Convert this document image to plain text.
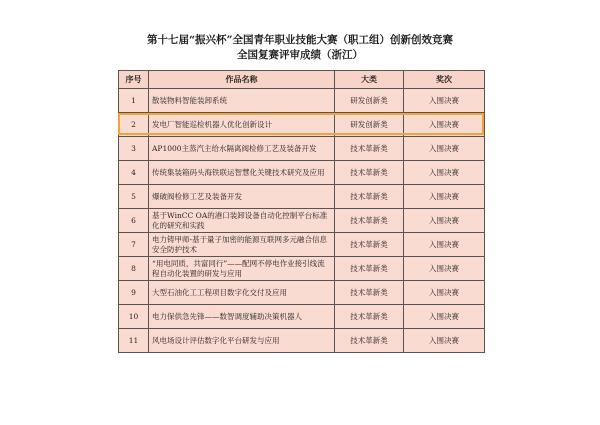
第十七届“振兴杯”全国青年职业技能大赛（职工组）创新创效竞赛
全国复赛评审成绩（浙江）
序号	作品名称	大类	奖次
1	散装物料智能装卸系统	研发创新类	入围决赛
2	发电厂智能巡检机器人优化创新设计	研发创新类	入围决赛
3	AP1000主蒸汽主给水隔离阀检修工艺及装备开发	技术革新类	入围决赛
4	传统集装箱码头海铁联运智慧化关键技术研究及应用	技术革新类	入围决赛
5	爆破阀检修工艺及装备开发	技术革新类	入围决赛
6	基于WinCC OA的港口装卸设备自动化控制平台标准化的研究和实践	技术革新类	入围决赛
7	电力铸甲师-基于量子加密的能源互联网多元融合信息安全防护技术	技术革新类	入围决赛
8	“用电同质，共富同行”——配网不停电作业接引线流程自动化装置的研发与应用	技术革新类	入围决赛
9	大型石油化工工程项目数字化交付及应用	技术革新类	入围决赛
10	电力保供急先锋——数智调度辅助决策机器人	技术革新类	入围决赛
11	风电场设计评估数字化平台研发与应用	技术革新类	入围决赛
